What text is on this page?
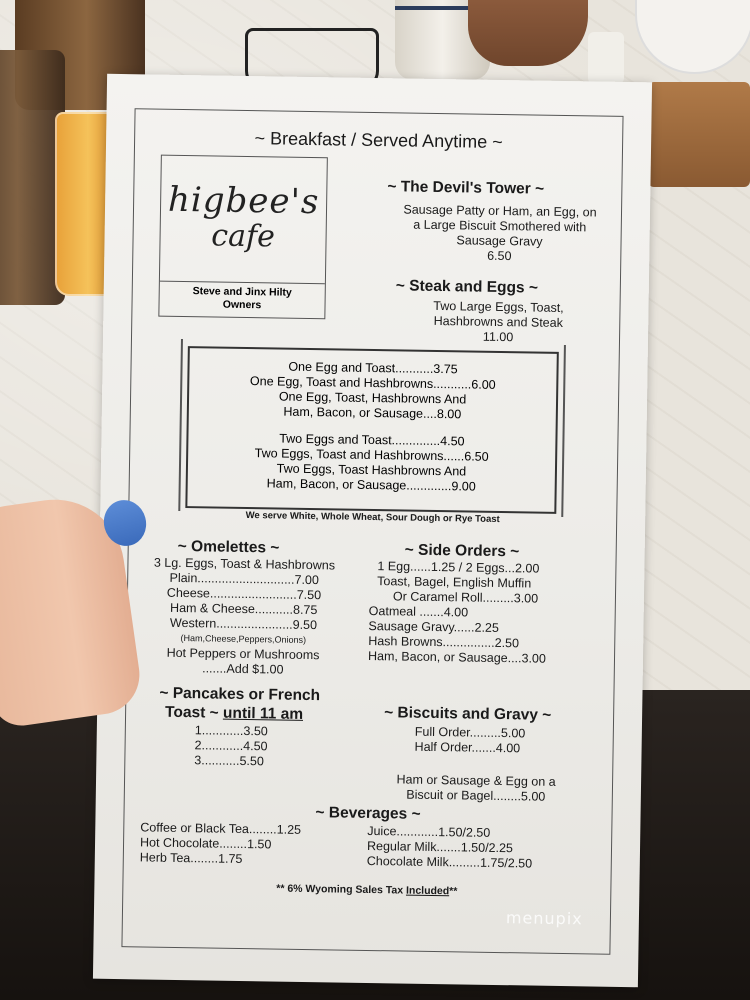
~ Breakfast / Served Anytime ~
higbee's
cafe
Steve and Jinx Hilty
Owners
~ The Devil's Tower ~
Sausage Patty or Ham, an Egg, on
a Large Biscuit Smothered with
Sausage Gravy
6.50
~ Steak and Eggs ~
Two Large Eggs, Toast,
Hashbrowns and Steak
11.00
One Egg and Toast...........3.75
One Egg, Toast and Hashbrowns...........6.00
One Egg, Toast, Hashbrowns And
Ham, Bacon, or Sausage....8.00
Two Eggs and Toast..............4.50
Two Eggs, Toast and Hashbrowns......6.50
Two Eggs, Toast Hashbrowns And
Ham, Bacon, or Sausage.............9.00
We serve White, Whole Wheat, Sour Dough or Rye Toast
~ Omelettes ~
3 Lg. Eggs, Toast & Hashbrowns
Plain............................7.00
Cheese.........................7.50
Ham & Cheese...........8.75
Western......................9.50
(Ham,Cheese,Peppers,Onions)
Hot Peppers or Mushrooms
.......Add $1.00
~ Side Orders ~
1 Egg......1.25 / 2 Eggs...2.00
Toast, Bagel, English Muffin
Or Caramel Roll.........3.00
Oatmeal .......4.00
Sausage Gravy......2.25
Hash Browns...............2.50
Ham, Bacon, or Sausage....3.00
~ Pancakes or French
Toast ~ until 11 am
1............3.50
2............4.50
3...........5.50
~ Biscuits and Gravy ~
Full Order.........5.00
Half Order.......4.00
Ham or Sausage & Egg on a
Biscuit or Bagel........5.00
~ Beverages ~
Coffee or Black Tea........1.25
Hot Chocolate........1.50
Herb Tea........1.75
Juice............1.50/2.50
Regular Milk.......1.50/2.25
Chocolate Milk.........1.75/2.50
** 6% Wyoming Sales Tax Included**
menupix
